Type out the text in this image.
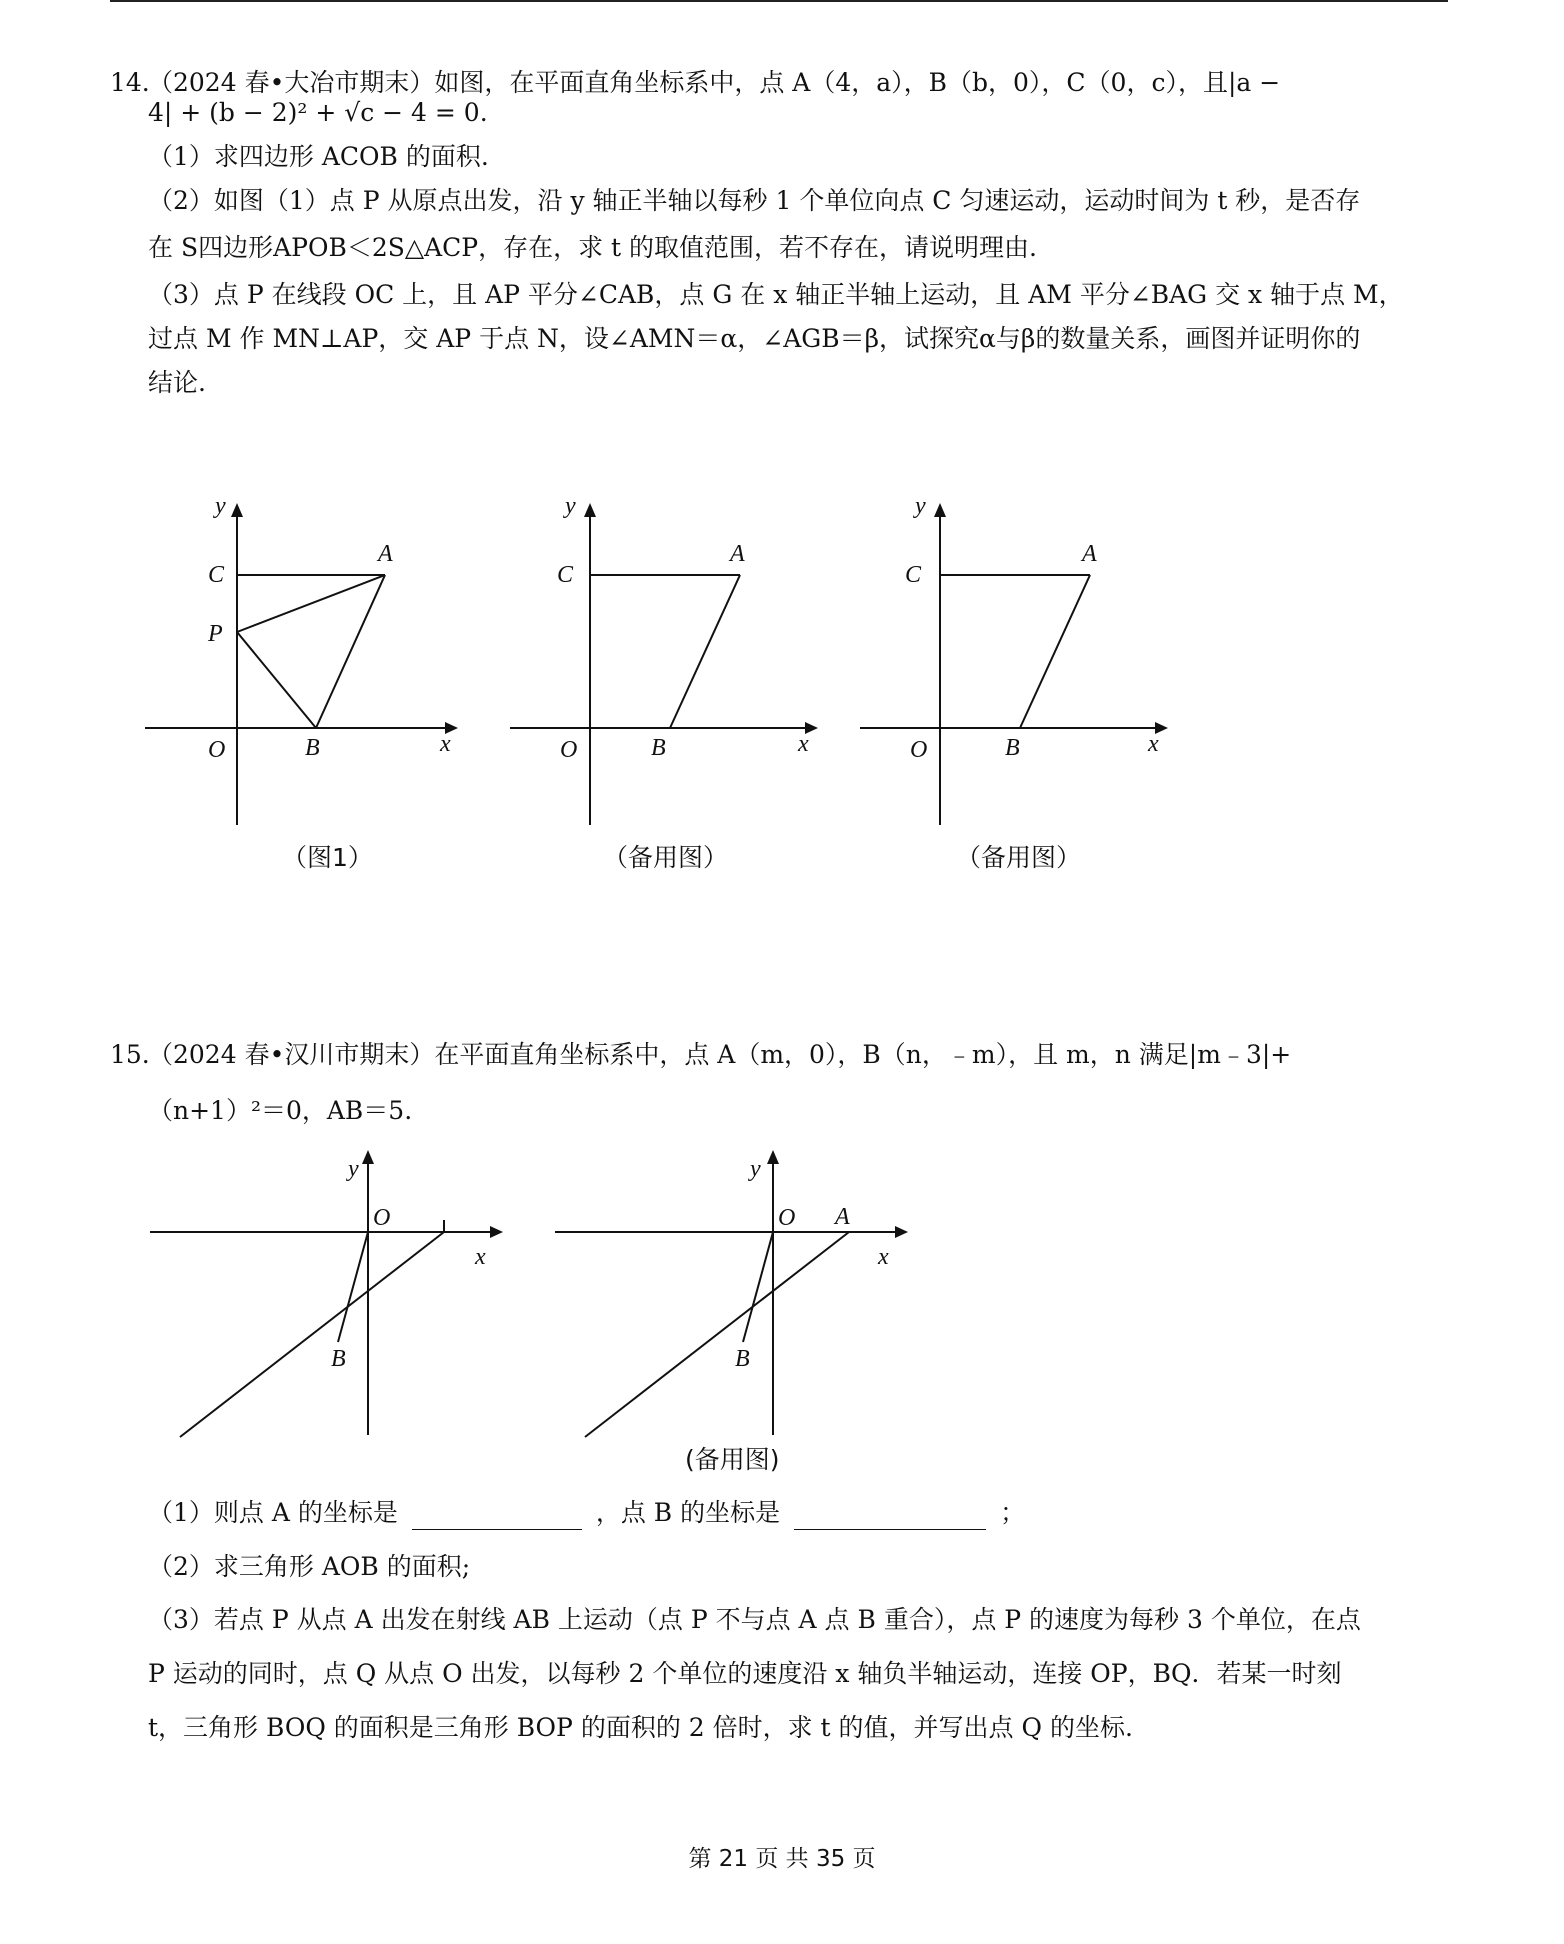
14.
（2024 春•大冶市期末）如图，在平面直角坐标系中，点 A（4，a），B（b，0），C（0，c），且|a −
4| + (b − 2)² + √c − 4 = 0.
（1）求四边形 ACOB 的面积.
（2）如图（1）点 P 从原点出发，沿 y 轴正半轴以每秒 1 个单位向点 C 匀速运动，运动时间为 t 秒，是否存
在 S四边形APOB＜2S△ACP，存在，求 t 的取值范围，若不存在，请说明理由.
（3）点 P 在线段 OC 上，且 AP 平分∠CAB，点 G 在 x 轴正半轴上运动，且 AM 平分∠BAG 交 x 轴于点 M，
过点 M 作 MN⊥AP，交 AP 于点 N，设∠AMN＝α，∠AGB＝β，试探究α与β的数量关系，画图并证明你的
结论.
y
x
O	B
C
P
A
（图1）
y
x
O	B
C
A
（备用图）
y
x
O	B
C
A
（备用图）
15.
（2024 春•汉川市期末）在平面直角坐标系中，点 A（m，0），B（n，﹣m），且 m，n 满足|m﹣3|+
（n+1）²＝0，AB＝5.
y
x
O
B
y
x
O A
B
(备用图)
（1）则点 A 的坐标是	，点 B 的坐标是	；
（2）求三角形 AOB 的面积;
（3）若点 P 从点 A 出发在射线 AB 上运动（点 P 不与点 A 点 B 重合），点 P 的速度为每秒 3 个单位，在点
P 运动的同时，点 Q 从点 O 出发，以每秒 2 个单位的速度沿 x 轴负半轴运动，连接 OP，BQ．若某一时刻
t，三角形 BOQ 的面积是三角形 BOP 的面积的 2 倍时，求 t 的值，并写出点 Q 的坐标.
第 21 页 共 35 页
